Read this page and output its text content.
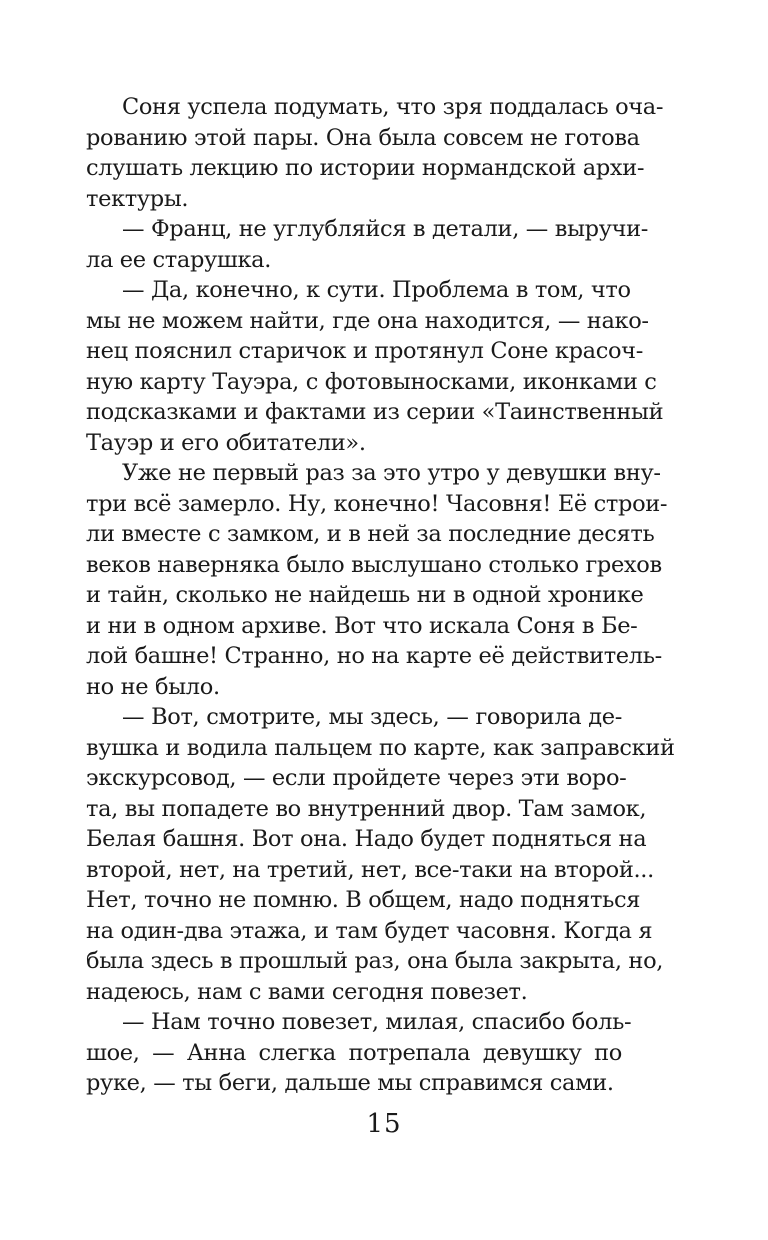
Соня успела подумать, что зря поддалась оча-
рованию этой пары. Она была совсем не готова
слушать лекцию по истории нормандской архи-
тектуры.
— Франц, не углубляйся в детали, — выручи-
ла ее старушка.
— Да, конечно, к сути. Проблема в том, что
мы не можем найти, где она находится, — нако-
нец пояснил старичок и протянул Соне красоч-
ную карту Тауэра, с фотовыносками, иконками с
подсказками и фактами из серии «Таинственный
Тауэр и его обитатели».
Уже не первый раз за это утро у девушки вну-
три всё замерло. Ну, конечно! Часовня! Её строи-
ли вместе с замком, и в ней за последние десять
веков наверняка было выслушано столько грехов
и тайн, сколько не найдешь ни в одной хронике
и ни в одном архиве. Вот что искала Соня в Бе-
лой башне! Странно, но на карте её действитель-
но не было.
— Вот, смотрите, мы здесь, — говорила де-
вушка и водила пальцем по карте, как заправский
экскурсовод, — если пройдете через эти воро-
та, вы попадете во внутренний двор. Там замок,
Белая башня. Вот она. Надо будет подняться на
второй, нет, на третий, нет, все-таки на второй...
Нет, точно не помню. В общем, надо подняться
на один-два этажа, и там будет часовня. Когда я
была здесь в прошлый раз, она была закрыта, но,
надеюсь, нам с вами сегодня повезет.
— Нам точно повезет, милая, спасибо боль-
шое, — Анна слегка потрепала девушку по
руке, — ты беги, дальше мы справимся сами.
15
